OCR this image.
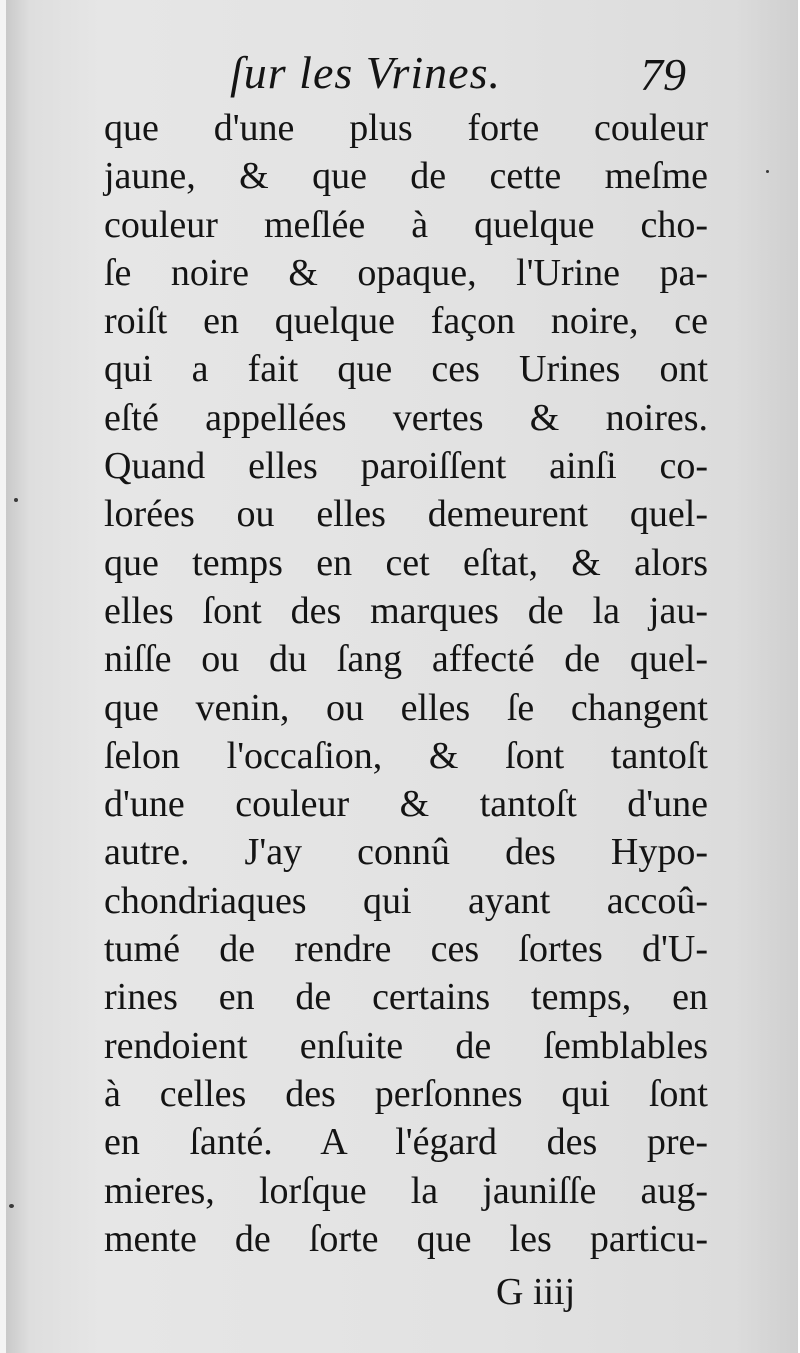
ſur les Vrines.	79
que d'une plus forte couleur
jaune, & que de cette meſme
couleur meſlée à quelque cho-
ſe noire & opaque, l'Urine pa-
roiſt en quelque façon noire, ce
qui a fait que ces Urines ont
eſté appellées vertes & noires.
Quand elles paroiſſent ainſi co-
lorées ou elles demeurent quel-
que temps en cet eſtat, & alors
elles ſont des marques de la jau-
niſſe ou du ſang affecté de quel-
que venin, ou elles ſe changent
ſelon l'occaſion, & ſont tantoſt
d'une couleur & tantoſt d'une
autre. J'ay connû des Hypo-
chondriaques qui ayant accoû-
tumé de rendre ces ſortes d'U-
rines en de certains temps, en
rendoient enſuite de ſemblables
à celles des perſonnes qui ſont
en ſanté. A l'égard des pre-
mieres, lorſque la jauniſſe aug-
mente de ſorte que les particu-
G iiij
